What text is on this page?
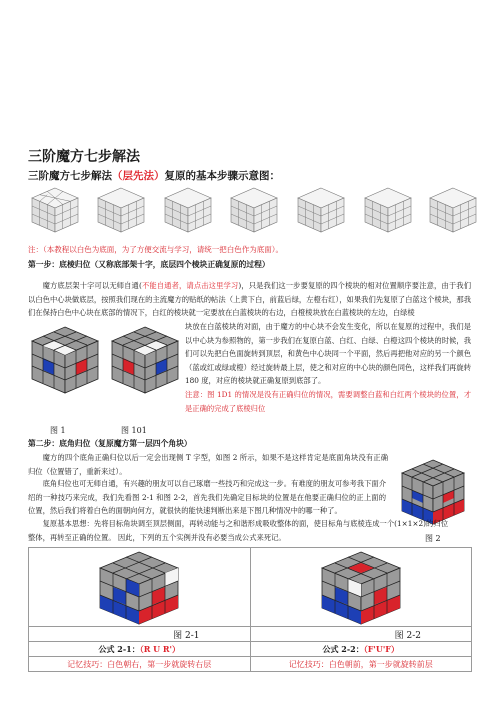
三阶魔方七步解法
三阶魔方七步解法（层先法）复原的基本步骤示意图：
注：（本教程以白色为底面，为了方便交流与学习，请统一把白色作为底面）。
第一步：底棱归位（又称底部架十字，底层四个棱块正确复原的过程）
魔方底层架十字可以无师自通(不能自通者，请点击这里学习)，只是我们这一步要复原的四个棱块的相对位置顺序要注意，由于我们以白色中心块做底层，按照我们现在的主流魔方的贴纸的帖法（上黄下白，前蓝后绿，左橙右红），如果我们先复原了白蓝这个棱块，那我们在保持白色中心块在底部的情况下，白红的棱块就一定要放在白蓝棱块的右边，白橙棱块放在白蓝棱块的左边，白绿棱
块放在白蓝棱块的对面，由于魔方的中心块不会发生变化，所以在复原的过程中，我们是以中心块为参照物的，第一步我们在复原白蓝、白红、白绿、白橙这四个棱块的时候，我们可以先把白色面旋转到顶层，和黄色中心块同一个平面，然后再把他对应的另一个颜色（蓝或红或绿或橙）经过旋转最上层，使之和对应的中心块的颜色同色，这样我们再旋转 180 度，对应的棱块就正确复原到底部了。
注意：图 1D1 的情况是没有正确归位的情况，需要调整白蓝和白红两个棱块的位置，才是正确的完成了底棱归位
图 1	图 101
第二步：底角归位（复原魔方第一层四个角块）
魔方的四个底角正确归位以后一定会出现侧 T 字型，如图 2 所示，如果不是这样肯定是底面角块没有正确归位（位置错了，重新来过）。
底角归位也可无师自通，有兴趣的朋友可以自己琢磨一些技巧和完成这一步。有难度的朋友可参考我下面介绍的一种技巧来完成，我们先看图 2-1 和图 2-2，首先我们先确定目标块的位置是在他要正确归位的正上面的位置，然后我们将着白色的面朝向何方，就很快的能快速判断出来是下图几种情况中的哪一种了。
图 2
复原基本思想：先将目标角块调至顶层侧面，再转动能与之和谐形成吸收整体的面，使目标角与底棱连成一个(1×1×2)的归位整体，再转至正确的位置。 因此，下列的五个实例并没有必要当成公式来死记。

图 2-1	图 2-2
公式 2-1：（R U R'）	公式 2-2：（F'U'F）
记忆技巧：白色朝右，第一步就旋转右层	记忆技巧：白色朝前，第一步就旋转前层
